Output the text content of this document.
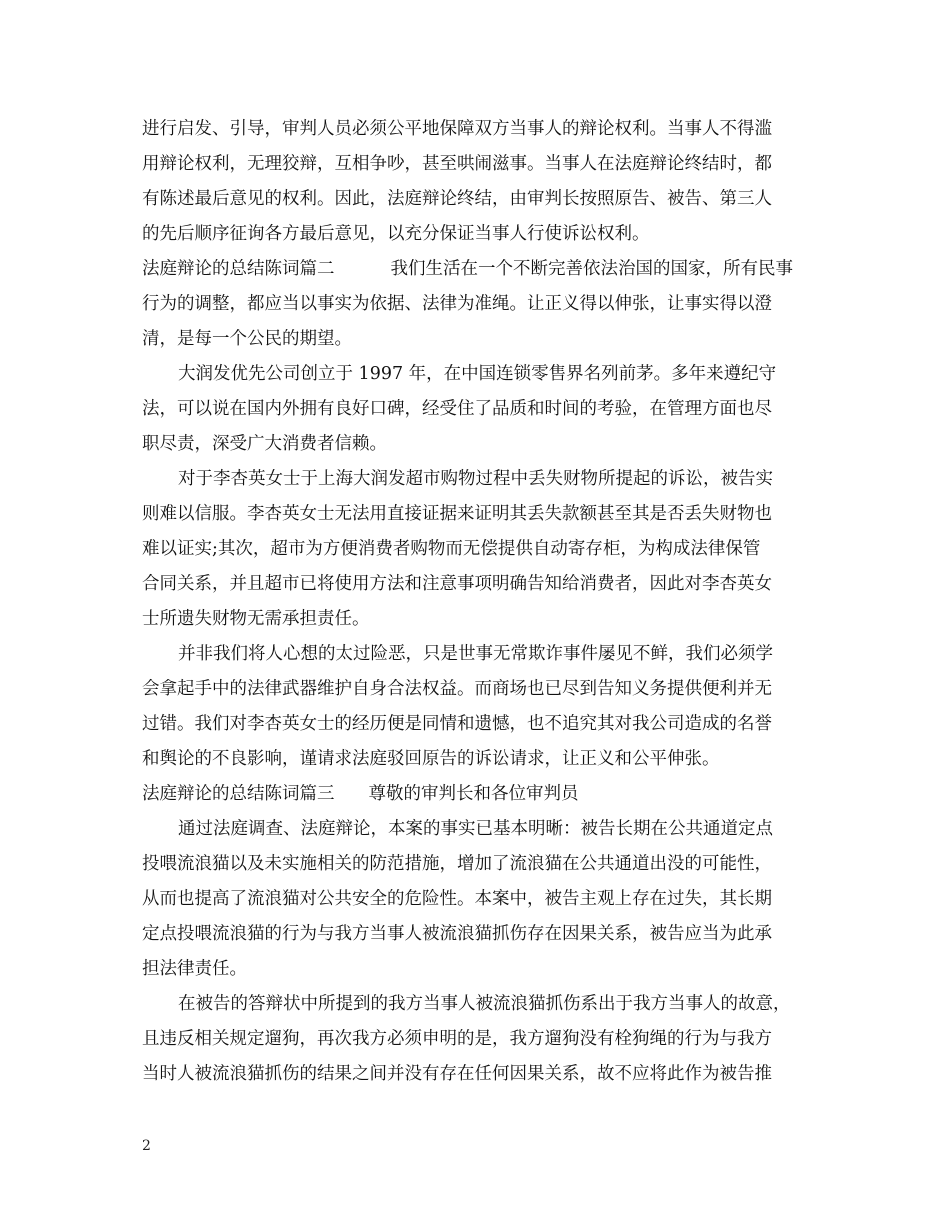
进行启发、引导，审判人员必须公平地保障双方当事人的辩论权利。当事人不得滥
用辩论权利，无理狡辩，互相争吵，甚至哄闹滋事。当事人在法庭辩论终结时，都
有陈述最后意见的权利。因此，法庭辩论终结，由审判长按照原告、被告、第三人
的先后顺序征询各方最后意见，以充分保证当事人行使诉讼权利。
法庭辩论的总结陈词篇二	我们生活在一个不断完善依法治国的国家，所有民事
行为的调整，都应当以事实为依据、法律为准绳。让正义得以伸张，让事实得以澄
清，是每一个公民的期望。
大润发优先公司创立于 1997 年，在中国连锁零售界名列前茅。多年来遵纪守
法，可以说在国内外拥有良好口碑，经受住了品质和时间的考验，在管理方面也尽
职尽责，深受广大消费者信赖。
对于李杏英女士于上海大润发超市购物过程中丢失财物所提起的诉讼，被告实
则难以信服。李杏英女士无法用直接证据来证明其丢失款额甚至其是否丢失财物也
难以证实;其次，超市为方便消费者购物而无偿提供自动寄存柜，为构成法律保管
合同关系，并且超市已将使用方法和注意事项明确告知给消费者，因此对李杏英女
士所遗失财物无需承担责任。
并非我们将人心想的太过险恶，只是世事无常欺诈事件屡见不鲜，我们必须学
会拿起手中的法律武器维护自身合法权益。而商场也已尽到告知义务提供便利并无
过错。我们对李杏英女士的经历便是同情和遗憾，也不追究其对我公司造成的名誉
和舆论的不良影响，谨请求法庭驳回原告的诉讼请求，让正义和公平伸张。
法庭辩论的总结陈词篇三 尊敬的审判长和各位审判员
通过法庭调查、法庭辩论，本案的事实已基本明晰：被告长期在公共通道定点
投喂流浪猫以及未实施相关的防范措施，增加了流浪猫在公共通道出没的可能性，
从而也提高了流浪猫对公共安全的危险性。本案中，被告主观上存在过失，其长期
定点投喂流浪猫的行为与我方当事人被流浪猫抓伤存在因果关系，被告应当为此承
担法律责任。
在被告的答辩状中所提到的我方当事人被流浪猫抓伤系出于我方当事人的故意，
且违反相关规定遛狗，再次我方必须申明的是，我方遛狗没有栓狗绳的行为与我方
当时人被流浪猫抓伤的结果之间并没有存在任何因果关系，故不应将此作为被告推
2
